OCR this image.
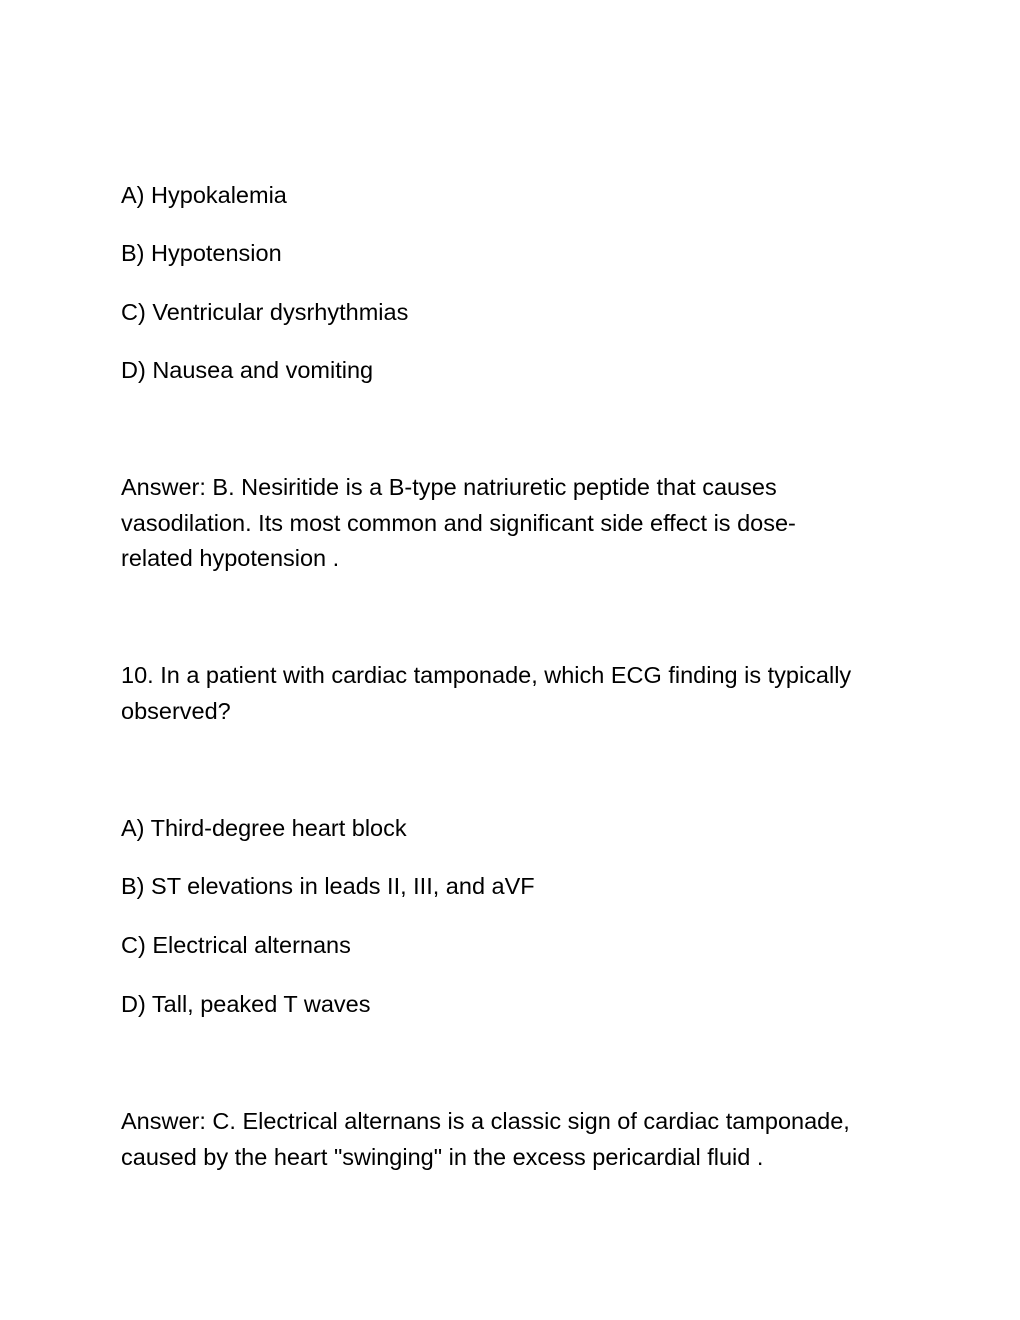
A) Hypokalemia
B) Hypotension
C) Ventricular dysrhythmias
D) Nausea and vomiting
Answer: B. Nesiritide is a B-type natriuretic peptide that causes vasodilation. Its most common and significant side effect is dose-related hypotension .
10. In a patient with cardiac tamponade, which ECG finding is typically observed?
A) Third-degree heart block
B) ST elevations in leads II, III, and aVF
C) Electrical alternans
D) Tall, peaked T waves
Answer: C. Electrical alternans is a classic sign of cardiac tamponade, caused by the heart "swinging" in the excess pericardial fluid .
